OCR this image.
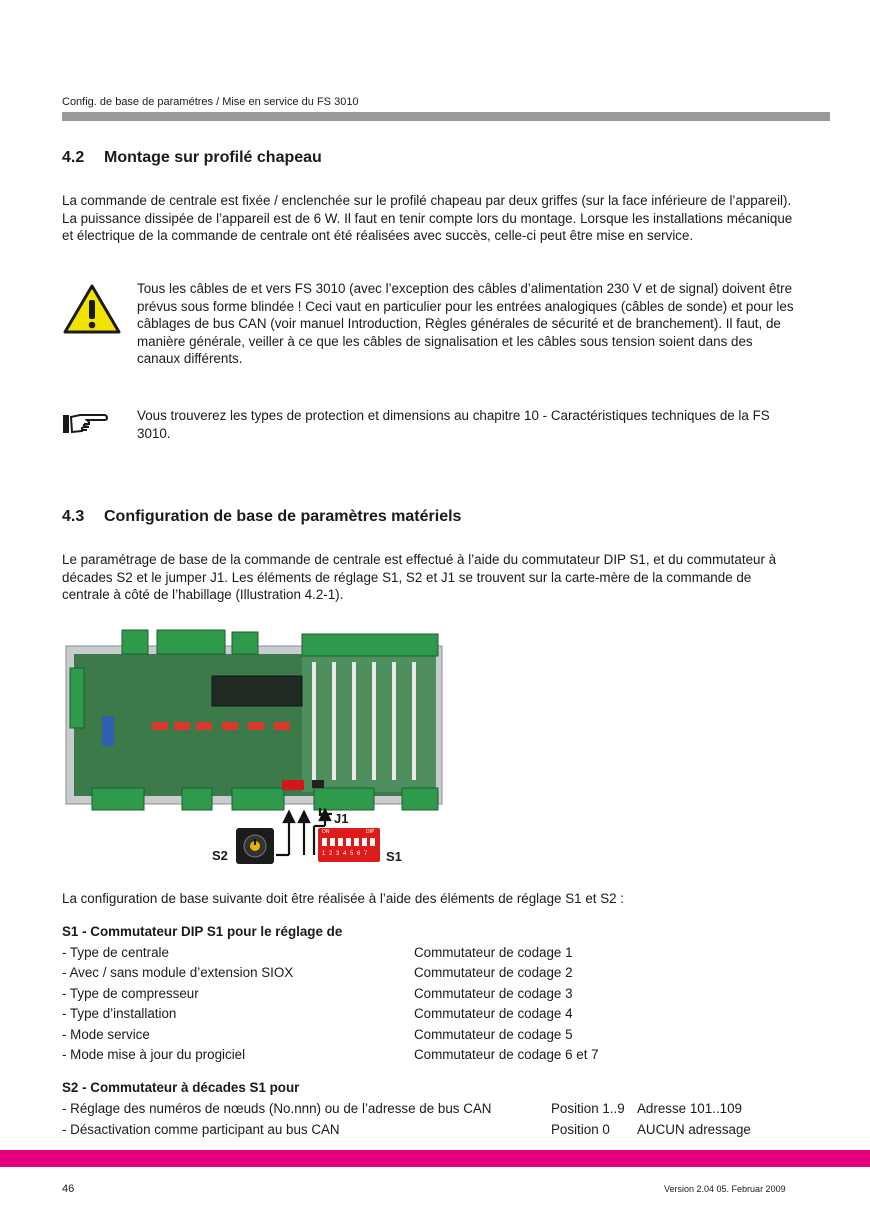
Config. de base de paramétres / Mise en service du FS 3010
4.2 Montage sur profilé chapeau
La commande de centrale est fixée / enclenchée sur le profilé chapeau par deux griffes (sur la face inférieure de l’appareil). La puissance dissipée de l’appareil est de 6 W. Il faut en tenir compte lors du montage. Lorsque les installations mécanique et électrique de la commande de centrale ont été réalisées avec succès, celle-ci peut être mise en service.
Tous les câbles de et vers FS 3010 (avec l’exception des câbles d’alimentation 230 V et de signal) doivent être prévus sous forme blindée ! Ceci vaut en particulier pour les entrées analogiques (câbles de sonde) et pour les câblages de bus CAN (voir manuel Introduction, Règles générales de sécurité et de branchement). Il faut, de manière générale, veiller à ce que les câbles de signalisation et les câbles sous tension soient dans des canaux différents.
Vous trouverez les types de protection et dimensions au chapitre 10 - Caractéristiques techniques de la FS 3010.
4.3 Configuration de base de paramètres matériels
Le paramétrage de base de la commande de centrale est effectué à l’aide du commutateur DIP S1, et du commutateur à décades S2 et le jumper J1. Les éléments de réglage S1, S2 et J1 se trouvent sur la carte-mère de la commande de centrale à côté de l’habillage (Illustration 4.2-1).
J1
S2	S1
ON	DIP
1 2 3 4 5 6 7
La configuration de base suivante doit être réalisée à l’aide des éléments de réglage S1 et S2 :
S1 - Commutateur DIP S1 pour le réglage de
- Type de centrale	Commutateur de codage 1
- Avec / sans module d’extension SIOX	Commutateur de codage 2
- Type de compresseur	Commutateur de codage 3
- Type d’installation	Commutateur de codage 4
- Mode service	Commutateur de codage 5
- Mode mise à jour du progiciel	Commutateur de codage 6 et 7
S2 - Commutateur à décades S1 pour
- Réglage des numéros de nœuds (No.nnn) ou de l’adresse de bus CAN	Position 1..9 Adresse 101..109
- Désactivation comme participant au bus CAN	Position 0 AUCUN adressage
46	Version 2.04 05. Februar 2009
